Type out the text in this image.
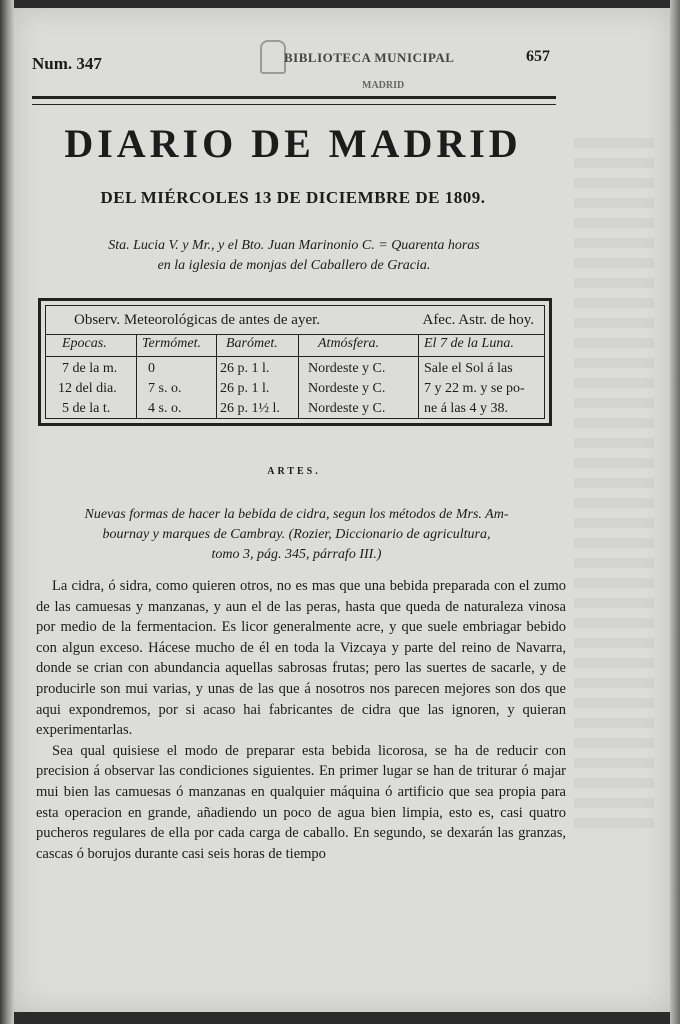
Num. 347	BIBLIOTECA MUNICIPAL
MADRID
657
DIARIO DE MADRID
DEL MIÉRCOLES 13 DE DICIEMBRE DE 1809.
Sta. Lucia V. y Mr., y el Bto. Juan Marinonio C. = Quarenta horas
en la iglesia de monjas del Caballero de Gracia.
Observ. Meteorológicas de antes de ayer.	Afec. Astr. de hoy.
Epocas.	Termómet. Barómet.	Atmósfera.	El 7 de la Luna.
7 de la m. 0	26 p. 1 l.	Nordeste y C.	Sale el Sol á las
12 del dia. 7 s. o.	26 p. 1 l.	Nordeste y C.	7 y 22 m. y se po-
5 de la t.	4 s. o.	26 p. 1½ l. Nordeste y C.	ne á las 4 y 38.
ARTES.
Nuevas formas de hacer la bebida de cidra, segun los métodos de Mrs. Am-
bournay y marques de Cambray. (Rozier, Diccionario de agricultura,
tomo 3, pág. 345, párrafo III.)

La cidra, ó sidra, como quieren otros, no es mas que una bebida preparada con el zumo de las camuesas y manzanas, y aun el de las peras, hasta que queda de naturaleza vinosa por medio de la fermentacion. Es licor generalmente acre, y que suele embriagar bebido con algun exceso. Hácese mucho de él en toda la Vizcaya y parte del reino de Navarra, donde se crian con abundancia aquellas sabrosas frutas; pero las suertes de sacarle, y de producirle son mui varias, y unas de las que á nosotros nos parecen mejores son dos que aqui expondremos, por si acaso hai fabricantes de cidra que las ignoren, y quieran experimentarlas.

Sea qual quisiese el modo de preparar esta bebida licorosa, se ha de reducir con precision á observar las condiciones siguientes. En primer lugar se han de triturar ó majar mui bien las camuesas ó manzanas en qualquier máquina ó artificio que sea propia para esta operacion en grande, añadiendo un poco de agua bien limpia, esto es, casi quatro pucheros regulares de ella por cada carga de caballo. En segundo, se dexarán las granzas, cascas ó borujos durante casi seis horas de tiempo
